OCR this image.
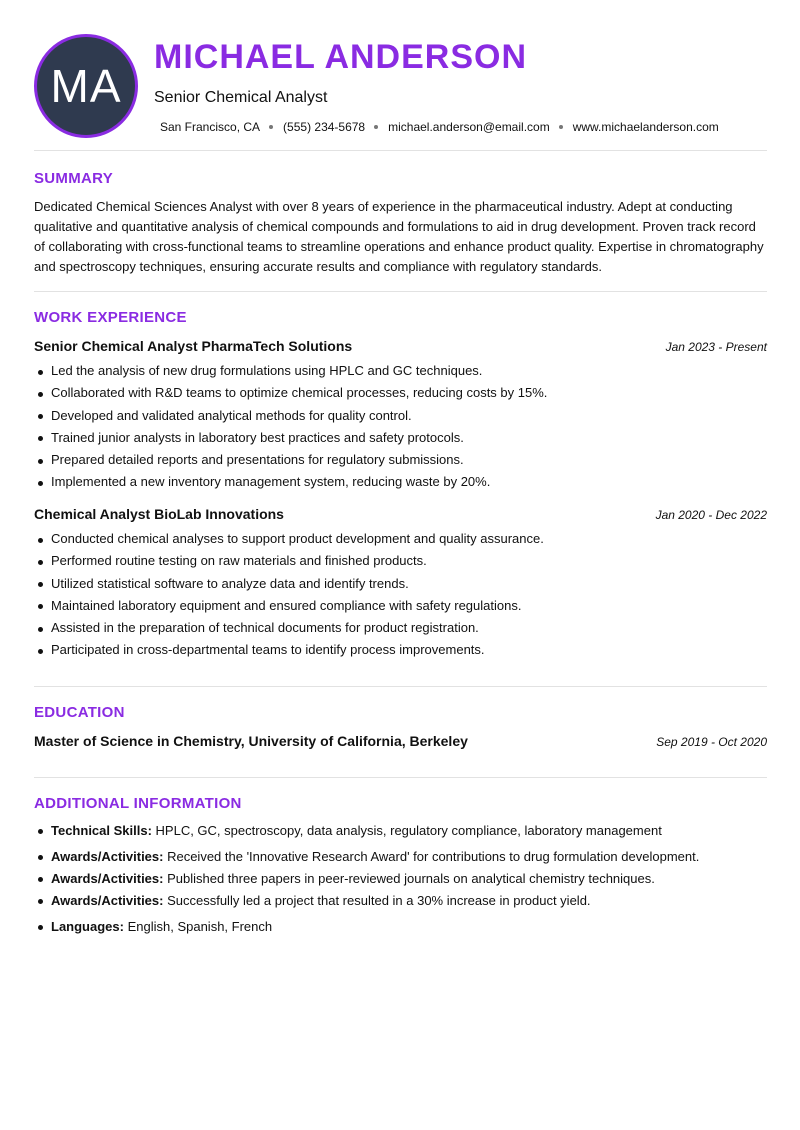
MA
MICHAEL ANDERSON
Senior Chemical Analyst
San Francisco, CA (555) 234-5678 michael.anderson@email.com www.michaelanderson.com
SUMMARY
Dedicated Chemical Sciences Analyst with over 8 years of experience in the pharmaceutical industry. Adept at conducting qualitative and quantitative analysis of chemical compounds and formulations to aid in drug development. Proven track record of collaborating with cross-functional teams to streamline operations and enhance product quality. Expertise in chromatography and spectroscopy techniques, ensuring accurate results and compliance with regulatory standards.
WORK EXPERIENCE
Senior Chemical Analyst PharmaTech Solutions	Jan 2023 - Present
Led the analysis of new drug formulations using HPLC and GC techniques.
Collaborated with R&D teams to optimize chemical processes, reducing costs by 15%.
Developed and validated analytical methods for quality control.
Trained junior analysts in laboratory best practices and safety protocols.
Prepared detailed reports and presentations for regulatory submissions.
Implemented a new inventory management system, reducing waste by 20%.
Chemical Analyst BioLab Innovations	Jan 2020 - Dec 2022
Conducted chemical analyses to support product development and quality assurance.
Performed routine testing on raw materials and finished products.
Utilized statistical software to analyze data and identify trends.
Maintained laboratory equipment and ensured compliance with safety regulations.
Assisted in the preparation of technical documents for product registration.
Participated in cross-departmental teams to identify process improvements.
EDUCATION
Master of Science in Chemistry, University of California, Berkeley	Sep 2019 - Oct 2020
ADDITIONAL INFORMATION
Technical Skills: HPLC, GC, spectroscopy, data analysis, regulatory compliance, laboratory management
Awards/Activities: Received the 'Innovative Research Award' for contributions to drug formulation development.
Awards/Activities: Published three papers in peer-reviewed journals on analytical chemistry techniques.
Awards/Activities: Successfully led a project that resulted in a 30% increase in product yield.
Languages: English, Spanish, French
